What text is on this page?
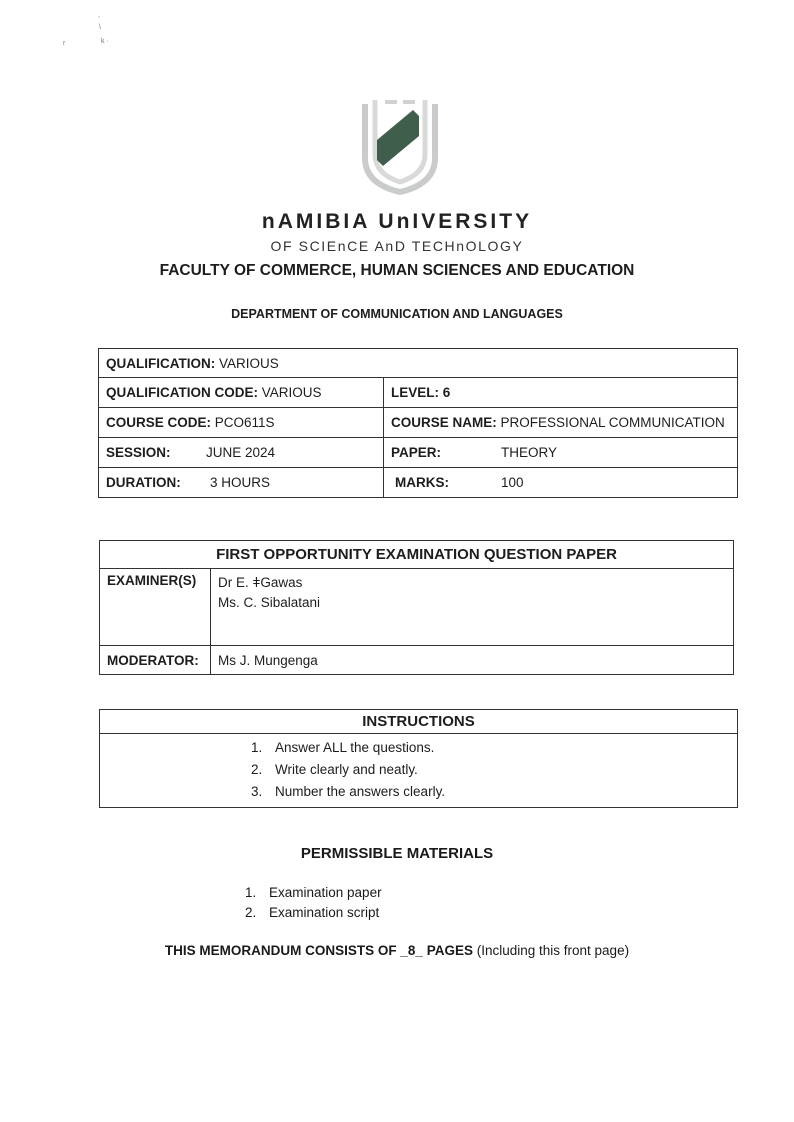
,
\
k ·
r
nAMIBIA UnIVERSITY
OF SCIEnCE AnD TECHnOLOGY
FACULTY OF COMMERCE, HUMAN SCIENCES AND EDUCATION
DEPARTMENT OF COMMUNICATION AND LANGUAGES
QUALIFICATION: VARIOUS	
QUALIFICATION CODE: VARIOUS	LEVEL: 6
COURSE CODE: PCO611S	COURSE NAME: PROFESSIONAL COMMUNICATION
SESSION: JUNE 2024	PAPER: THEORY
DURATION: 3 HOURS	MARKS: 100
FIRST OPPORTUNITY EXAMINATION QUESTION PAPER	
EXAMINER(S)	Dr E. ǂGawas
Ms. C. Sibalatani

MODERATOR:	Ms J. Mungenga
INSTRUCTIONS

1. Answer ALL the questions.
2. Write clearly and neatly.
3. Number the answers clearly.
PERMISSIBLE MATERIALS
1. Examination paper
2. Examination script
THIS MEMORANDUM CONSISTS OF _8_ PAGES (Including this front page)
